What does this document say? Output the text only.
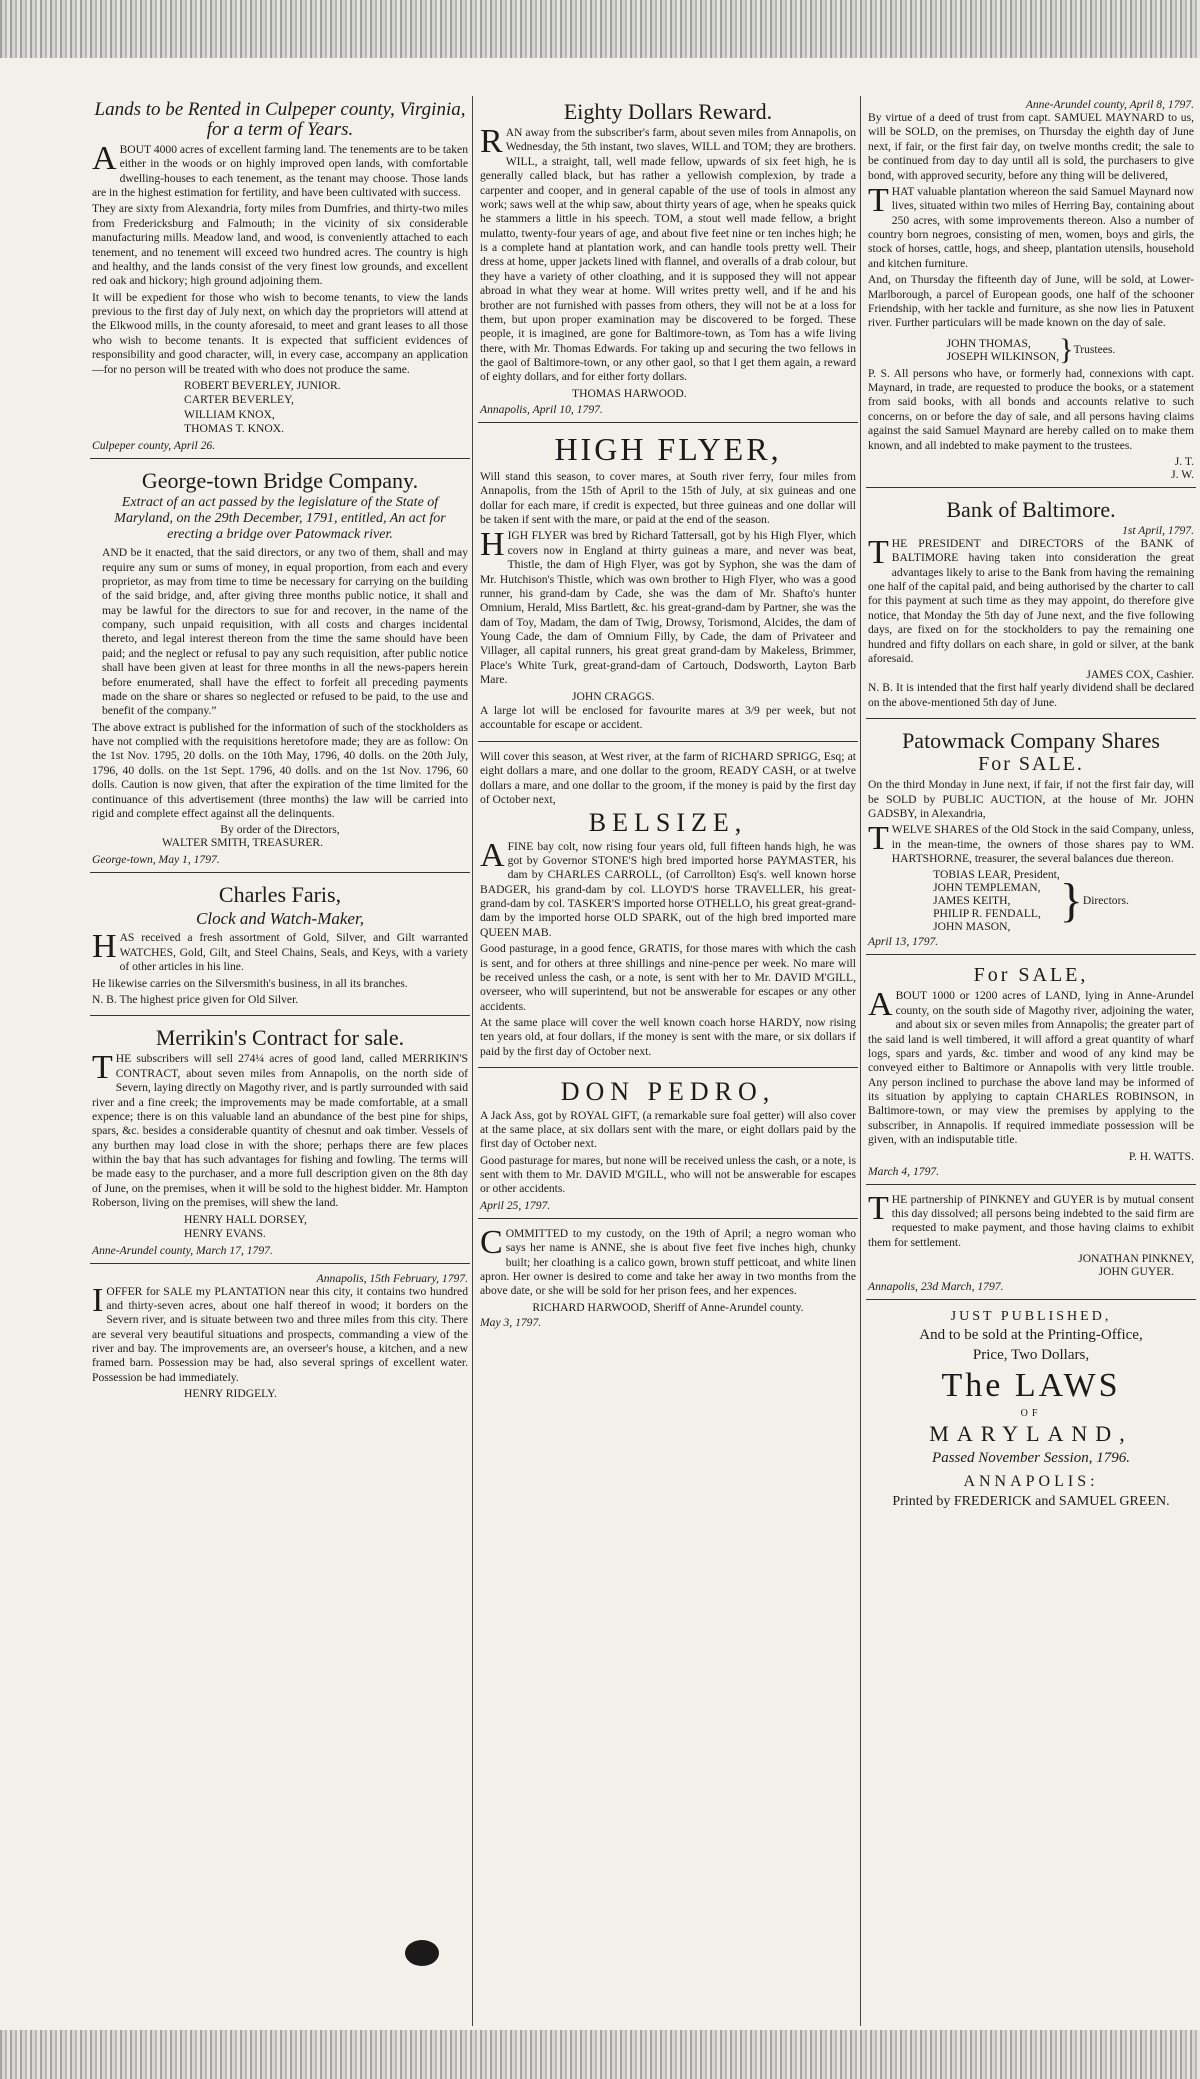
Lands to be Rented in Culpeper county, Virginia, for a term of Years.

ABOUT 4000 acres of excellent farming land. The tenements are to be taken either in the woods or on highly improved open lands, with comfortable dwelling-houses to each tenement, as the tenant may choose. Those lands are in the highest estimation for fertility, and have been cultivated with success.

They are sixty from Alexandria, forty miles from Dumfries, and thirty-two miles from Fredericksburg and Falmouth; in the vicinity of six considerable manufacturing mills. Meadow land, and wood, is conveniently attached to each tenement, and no tenement will exceed two hundred acres. The country is high and healthy, and the lands consist of the very finest low grounds, and excellent red oak and hickory; high ground adjoining them.

It will be expedient for those who wish to become tenants, to view the lands previous to the first day of July next, on which day the proprietors will attend at the Elkwood mills, in the county aforesaid, to meet and grant leases to all those who wish to become tenants. It is expected that sufficient evidences of responsibility and good character, will, in every case, accompany an application—for no person will be treated with who does not produce the same.

ROBERT BEVERLEY, JUNIOR.
CARTER BEVERLEY,
WILLIAM KNOX,
THOMAS T. KNOX.
Culpeper county, April 26.
George-town Bridge Company.
Extract of an act passed by the legislature of the State of Maryland, on the 29th December, 1791, entitled, An act for erecting a bridge over Patowmack river.

AND be it enacted, that the said directors, or any two of them, shall and may require any sum or sums of money, in equal proportion, from each and every proprietor, as may from time to time be necessary for carrying on the building of the said bridge, and, after giving three months public notice, it shall and may be lawful for the directors to sue for and recover, in the name of the company, such unpaid requisition, with all costs and charges incidental thereto, and legal interest thereon from the time the same should have been paid; and the neglect or refusal to pay any such requisition, after public notice shall have been given at least for three months in all the news-papers herein before enumerated, shall have the effect to forfeit all preceding payments made on the share or shares so neglected or refused to be paid, to the use and benefit of the company.”

The above extract is published for the information of such of the stockholders as have not complied with the requisitions heretofore made; they are as follow: On the 1st Nov. 1795, 20 dolls. on the 10th May, 1796, 40 dolls. on the 20th July, 1796, 40 dolls. on the 1st Sept. 1796, 40 dolls. and on the 1st Nov. 1796, 60 dolls. Caution is now given, that after the expiration of the time limited for the continuance of this advertisement (three months) the law will be carried into rigid and complete effect against all the delinquents.

By order of the Directors,
WALTER SMITH, TREASURER.
George-town, May 1, 1797.
Charles Faris,
Clock and Watch-Maker,

HAS received a fresh assortment of Gold, Silver, and Gilt warranted WATCHES, Gold, Gilt, and Steel Chains, Seals, and Keys, with a variety of other articles in his line.

He likewise carries on the Silversmith's business, in all its branches.

N. B. The highest price given for Old Silver.

Merrikin's Contract for sale.

THE subscribers will sell 274¼ acres of good land, called MERRIKIN'S CONTRACT, about seven miles from Annapolis, on the north side of Severn, laying directly on Magothy river, and is partly surrounded with said river and a fine creek; the improvements may be made comfortable, at a small expence; there is on this valuable land an abundance of the best pine for ships, spars, &c. besides a considerable quantity of chesnut and oak timber. Vessels of any burthen may load close in with the shore; perhaps there are few places within the bay that has such advantages for fishing and fowling. The terms will be made easy to the purchaser, and a more full description given on the 8th day of June, on the premises, when it will be sold to the highest bidder. Mr. Hampton Roberson, living on the premises, will shew the land.

HENRY HALL DORSEY,
HENRY EVANS.
Anne-Arundel county, March 17, 1797.
Annapolis, 15th February, 1797.

IOFFER for SALE my PLANTATION near this city, it contains two hundred and thirty-seven acres, about one half thereof in wood; it borders on the Severn river, and is situate between two and three miles from this city. There are several very beautiful situations and prospects, commanding a view of the river and bay. The improvements are, an overseer's house, a kitchen, and a new framed barn. Possession may be had, also several springs of excellent water. Possession be had immediately.

HENRY RIDGELY.
Eighty Dollars Reward.

RAN away from the subscriber's farm, about seven miles from Annapolis, on Wednesday, the 5th instant, two slaves, WILL and TOM; they are brothers. WILL, a straight, tall, well made fellow, upwards of six feet high, he is generally called black, but has rather a yellowish complexion, by trade a carpenter and cooper, and in general capable of the use of tools in almost any work; saws well at the whip saw, about thirty years of age, when he speaks quick he stammers a little in his speech. TOM, a stout well made fellow, a bright mulatto, twenty-four years of age, and about five feet nine or ten inches high; he is a complete hand at plantation work, and can handle tools pretty well. Their dress at home, upper jackets lined with flannel, and overalls of a drab colour, but they have a variety of other cloathing, and it is supposed they will not appear abroad in what they wear at home. Will writes pretty well, and if he and his brother are not furnished with passes from others, they will not be at a loss for them, but upon proper examination may be discovered to be forged. These people, it is imagined, are gone for Baltimore-town, as Tom has a wife living there, with Mr. Thomas Edwards. For taking up and securing the two fellows in the gaol of Baltimore-town, or any other gaol, so that I get them again, a reward of eighty dollars, and for either forty dollars.

THOMAS HARWOOD.
Annapolis, April 10, 1797.
HIGH FLYER,

Will stand this season, to cover mares, at South river ferry, four miles from Annapolis, from the 15th of April to the 15th of July, at six guineas and one dollar for each mare, if credit is expected, but three guineas and one dollar will be taken if sent with the mare, or paid at the end of the season.

HIGH FLYER was bred by Richard Tattersall, got by his High Flyer, which covers now in England at thirty guineas a mare, and never was beat, Thistle, the dam of High Flyer, was got by Syphon, she was the dam of Mr. Hutchison's Thistle, which was own brother to High Flyer, who was a good runner, his grand-dam by Cade, she was the dam of Mr. Shafto's hunter Omnium, Herald, Miss Bartlett, &c. his great-grand-dam by Partner, she was the dam of Toy, Madam, the dam of Twig, Drowsy, Torismond, Alcides, the dam of Young Cade, the dam of Omnium Filly, by Cade, the dam of Privateer and Villager, all capital runners, his great great grand-dam by Makeless, Brimmer, Place's White Turk, great-grand-dam of Cartouch, Dodsworth, Layton Barb Mare.

JOHN CRAGGS.

A large lot will be enclosed for favourite mares at 3/9 per week, but not accountable for escape or accident.

Will cover this season, at West river, at the farm of RICHARD SPRIGG, Esq; at eight dollars a mare, and one dollar to the groom, READY CASH, or at twelve dollars a mare, and one dollar to the groom, if the money is paid by the first day of October next,

BELSIZE,

AFINE bay colt, now rising four years old, full fifteen hands high, he was got by Governor STONE'S high bred imported horse PAYMASTER, his dam by CHARLES CARROLL, (of Carrollton) Esq's. well known horse BADGER, his grand-dam by col. LLOYD'S horse TRAVELLER, his great-grand-dam by col. TASKER'S imported horse OTHELLO, his great great-grand-dam by the imported horse OLD SPARK, out of the high bred imported mare QUEEN MAB.

Good pasturage, in a good fence, GRATIS, for those mares with which the cash is sent, and for others at three shillings and nine-pence per week. No mare will be received unless the cash, or a note, is sent with her to Mr. DAVID M'GILL, overseer, who will superintend, but not be answerable for escapes or any other accidents.

At the same place will cover the well known coach horse HARDY, now rising ten years old, at four dollars, if the money is sent with the mare, or six dollars if paid by the first day of October next.

DON PEDRO,

A Jack Ass, got by ROYAL GIFT, (a remarkable sure foal getter) will also cover at the same place, at six dollars sent with the mare, or eight dollars paid by the first day of October next.

Good pasturage for mares, but none will be received unless the cash, or a note, is sent with them to Mr. DAVID M'GILL, who will not be answerable for escapes or other accidents.

April 25, 1797.

COMMITTED to my custody, on the 19th of April; a negro woman who says her name is ANNE, she is about five feet five inches high, chunky built; her cloathing is a calico gown, brown stuff petticoat, and white linen apron. Her owner is desired to come and take her away in two months from the above date, or she will be sold for her prison fees, and her expences.

RICHARD HARWOOD, Sheriff of Anne-Arundel county.
May 3, 1797.
Anne-Arundel county, April 8, 1797.

By virtue of a deed of trust from capt. SAMUEL MAYNARD to us, will be SOLD, on the premises, on Thursday the eighth day of June next, if fair, or the first fair day, on twelve months credit; the sale to be continued from day to day until all is sold, the purchasers to give bond, with approved security, before any thing will be delivered,

THAT valuable plantation whereon the said Samuel Maynard now lives, situated within two miles of Herring Bay, containing about 250 acres, with some improvements thereon. Also a number of country born negroes, consisting of men, women, boys and girls, the stock of horses, cattle, hogs, and sheep, plantation utensils, household and kitchen furniture.

And, on Thursday the fifteenth day of June, will be sold, at Lower-Marlborough, a parcel of European goods, one half of the schooner Friendship, with her tackle and furniture, as she now lies in Patuxent river. Further particulars will be made known on the day of sale.

JOHN THOMAS,
JOSEPH WILKINSON, } Trustees.

P. S. All persons who have, or formerly had, connexions with capt. Maynard, in trade, are requested to produce the books, or a statement from said books, with all bonds and accounts relative to such concerns, on or before the day of sale, and all persons having claims against the said Samuel Maynard are hereby called on to make them known, and all indebted to make payment to the trustees.

J. T.
J. W.
Bank of Baltimore.
1st April, 1797.

THE PRESIDENT and DIRECTORS of the BANK of BALTIMORE having taken into consideration the great advantages likely to arise to the Bank from having the remaining one half of the capital paid, and being authorised by the charter to call for this payment at such time as they may appoint, do therefore give notice, that Monday the 5th day of June next, and the five following days, are fixed on for the stockholders to pay the remaining one hundred and fifty dollars on each share, in gold or silver, at the bank aforesaid.

JAMES COX, Cashier.

N. B. It is intended that the first half yearly dividend shall be declared on the above-mentioned 5th day of June.

Patowmack Company Shares
For SALE.

On the third Monday in June next, if fair, if not the first fair day, will be SOLD by PUBLIC AUCTION, at the house of Mr. JOHN GADSBY, in Alexandria,

TWELVE SHARES of the Old Stock in the said Company, unless, in the mean-time, the owners of those shares pay to WM. HARTSHORNE, treasurer, the several balances due thereon.

TOBIAS LEAR, President,
JOHN TEMPLEMAN,
JAMES KEITH,
PHILIP R. FENDALL,
JOHN MASON,	} Directors.
April 13, 1797.
For SALE,

ABOUT 1000 or 1200 acres of LAND, lying in Anne-Arundel county, on the south side of Magothy river, adjoining the water, and about six or seven miles from Annapolis; the greater part of the said land is well timbered, it will afford a great quantity of wharf logs, spars and yards, &c. timber and wood of any kind may be conveyed either to Baltimore or Annapolis with very little trouble. Any person inclined to purchase the above land may be informed of its situation by applying to captain CHARLES ROBINSON, in Baltimore-town, or may view the premises by applying to the subscriber, in Annapolis. If required immediate possession will be given, with an indisputable title.

P. H. WATTS.
March 4, 1797.

THE partnership of PINKNEY and GUYER is by mutual consent this day dissolved; all persons being indebted to the said firm are requested to make payment, and those having claims to exhibit them for settlement.

JONATHAN PINKNEY,
JOHN GUYER.
Annapolis, 23d March, 1797.
JUST PUBLISHED,
And to be sold at the Printing-Office,
Price, Two Dollars,
The LAWS
OF
MARYLAND,
Passed November Session, 1796.
ANNAPOLIS:
Printed by FREDERICK and SAMUEL GREEN.
